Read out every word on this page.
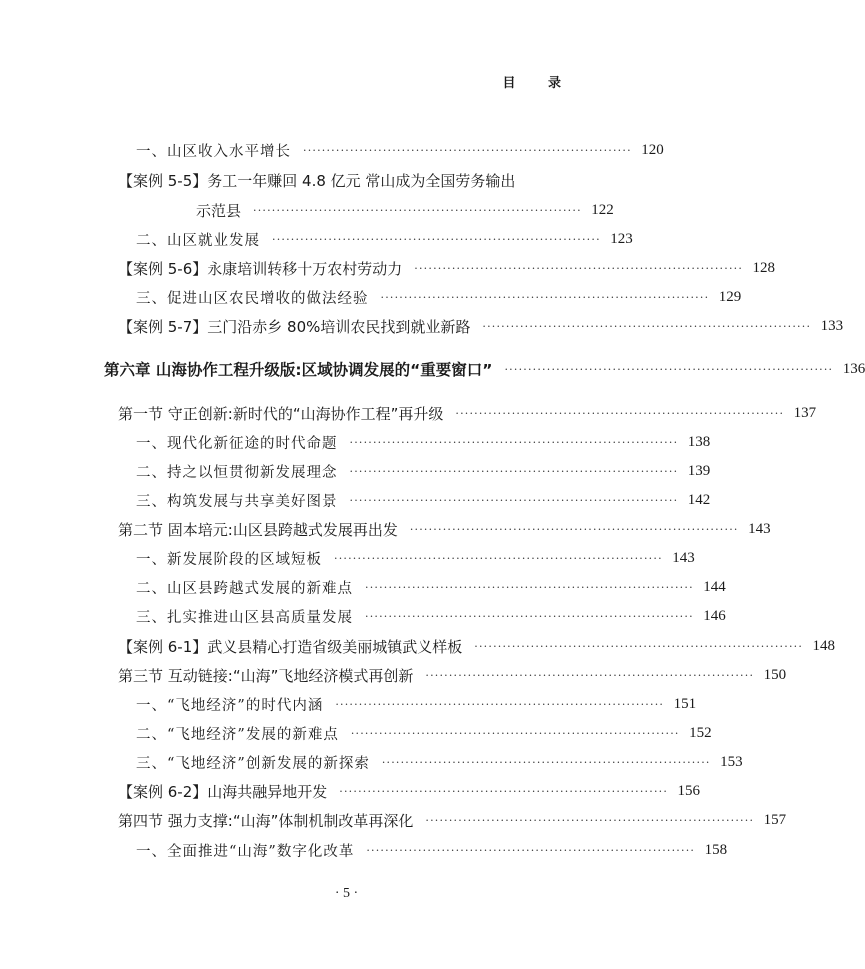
目 录
一、山区收入水平增长 ······································································ 120
【案例 5-5】务工一年赚回 4.8 亿元 常山成为全国劳务输出
示范县 ······································································ 122
二、山区就业发展 ······································································ 123
【案例 5-6】永康培训转移十万农村劳动力 ······································································ 128
三、促进山区农民增收的做法经验 ······································································ 129
【案例 5-7】三门沿赤乡 80%培训农民找到就业新路 ······································································ 133
第六章 山海协作工程升级版:区域协调发展的“重要窗口” ······································································ 136
第一节 守正创新:新时代的“山海协作工程”再升级 ······································································ 137
一、现代化新征途的时代命题 ······································································ 138
二、持之以恒贯彻新发展理念 ······································································ 139
三、构筑发展与共享美好图景 ······································································ 142
第二节 固本培元:山区县跨越式发展再出发 ······································································ 143
一、新发展阶段的区域短板 ······································································ 143
二、山区县跨越式发展的新难点 ······································································ 144
三、扎实推进山区县高质量发展 ······································································ 146
【案例 6-1】武义县精心打造省级美丽城镇武义样板 ······································································ 148
第三节 互动链接:“山海”飞地经济模式再创新 ······································································ 150
一、“飞地经济”的时代内涵 ······································································ 151
二、“飞地经济”发展的新难点 ······································································ 152
三、“飞地经济”创新发展的新探索 ······································································ 153
【案例 6-2】山海共融异地开发 ······································································ 156
第四节 强力支撑:“山海”体制机制改革再深化 ······································································ 157
一、全面推进“山海”数字化改革 ······································································ 158
· 5 ·
